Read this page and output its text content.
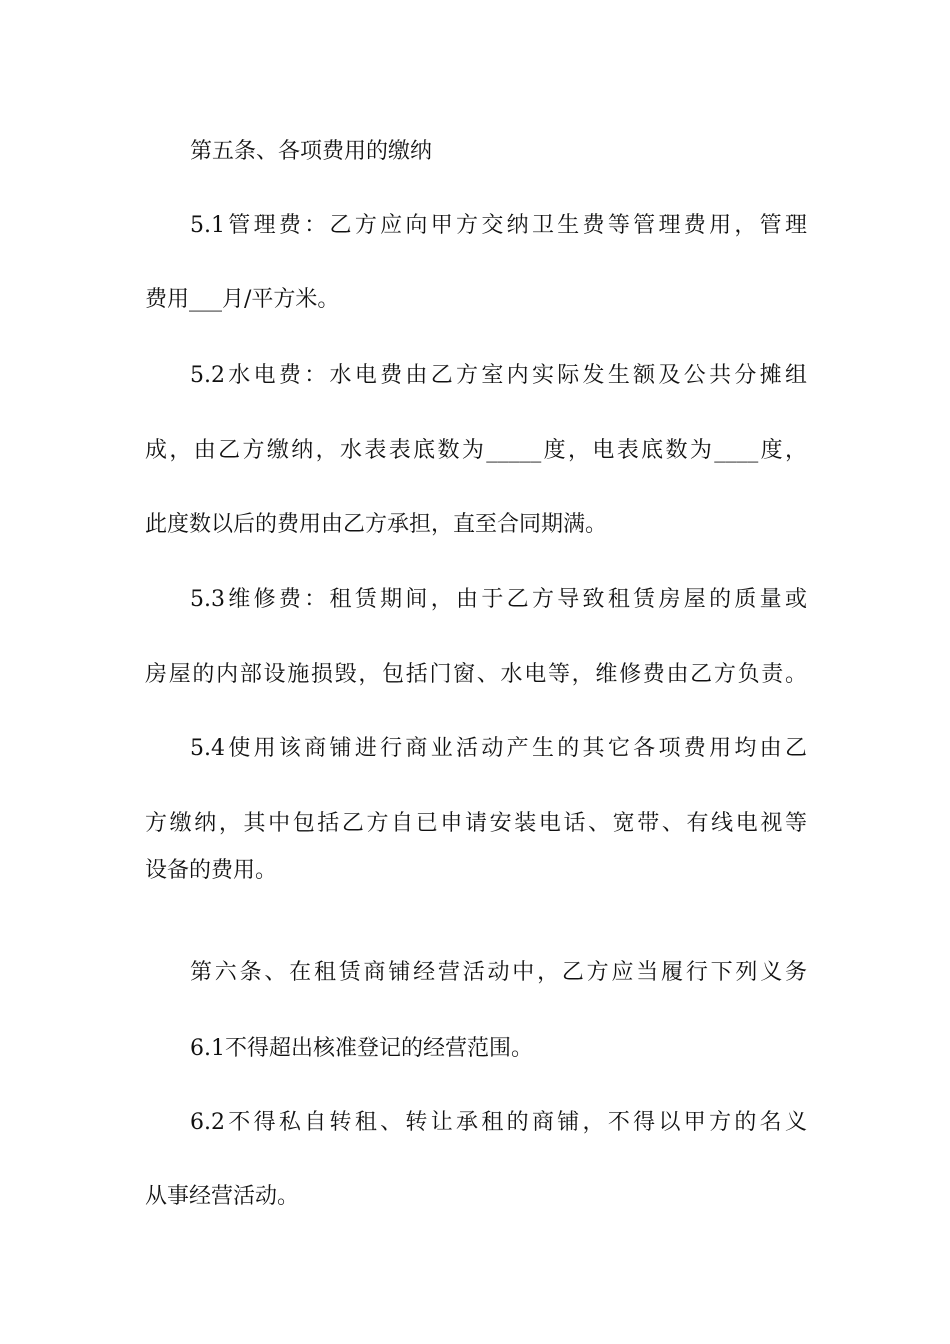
第五条、各项费用的缴纳
5.1管理费：乙方应向甲方交纳卫生费等管理费用，管理
费用___月/平方米。
5.2水电费：水电费由乙方室内实际发生额及公共分摊组
成，由乙方缴纳，水表表底数为_____度，电表底数为____度，
此度数以后的费用由乙方承担，直至合同期满。
5.3维修费：租赁期间，由于乙方导致租赁房屋的质量或
房屋的内部设施损毁，包括门窗、水电等，维修费由乙方负责。
5.4使用该商铺进行商业活动产生的其它各项费用均由乙
方缴纳，其中包括乙方自已申请安装电话、宽带、有线电视等
设备的费用。
第六条、在租赁商铺经营活动中，乙方应当履行下列义务
6.1不得超出核准登记的经营范围。
6.2不得私自转租、转让承租的商铺，不得以甲方的名义
从事经营活动。
